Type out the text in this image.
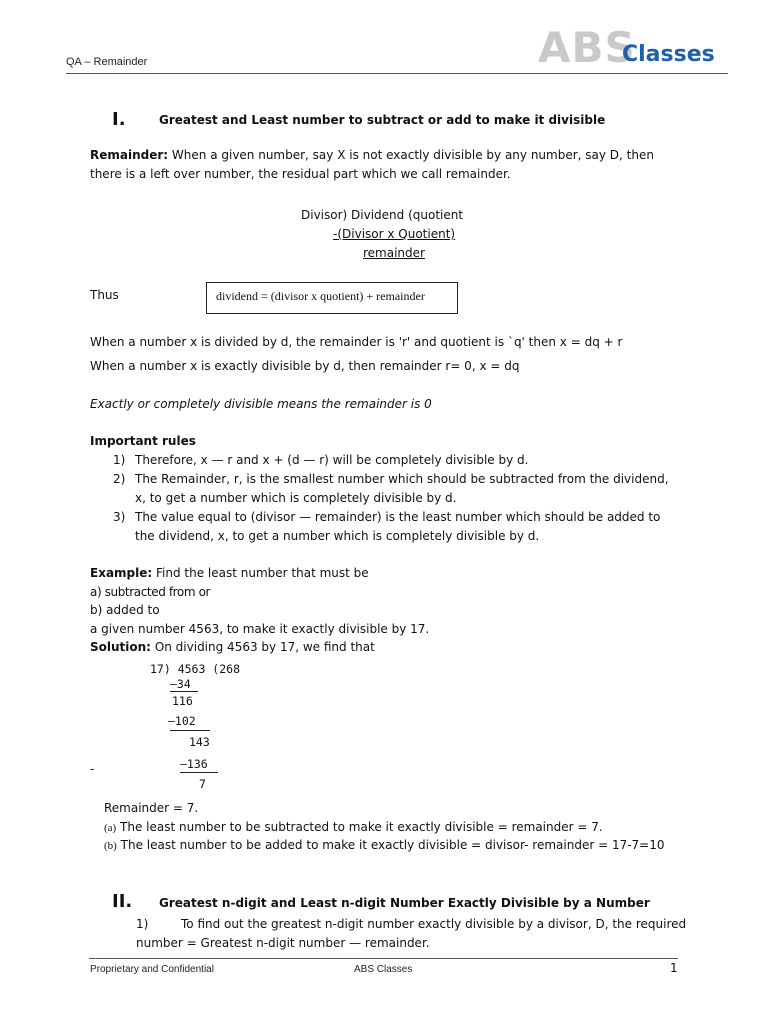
QA – Remainder	ABS
Classes
I.	Greatest and Least number to subtract or add to make it divisible
Remainder: When a given number, say X is not exactly divisible by any number, say D, then
there is a left over number, the residual part which we call remainder.
Divisor) Dividend (quotient
-(Divisor x Quotient)
remainder
Thus	dividend = (divisor x quotient) + remainder
When a number x is divided by d, the remainder is 'r' and quotient is `q' then x = dq + r
When a number x is exactly divisible by d, then remainder r= 0, x = dq
Exactly or completely divisible means the remainder is 0
Important rules
1) Therefore, x — r and x + (d — r) will be completely divisible by d.
2) The Remainder, r, is the smallest number which should be subtracted from the dividend,
x, to get a number which is completely divisible by d.
3) The value equal to (divisor — remainder) is the least number which should be added to
the dividend, x, to get a number which is completely divisible by d.
Example: Find the least number that must be
a) subtracted from or
b) added to
a given number 4563, to make it exactly divisible by 17.
Solution: On dividing 4563 by 17, we find that
17) 4563 (268
—34
116
—102
143
—136
7
-
Remainder = 7.
(a) The least number to be subtracted to make it exactly divisible = remainder = 7.
(b) The least number to be added to make it exactly divisible = divisor- remainder = 17-7=10
II. Greatest n-digit and Least n-digit Number Exactly Divisible by a Number
1)	To find out the greatest n-digit number exactly divisible by a divisor, D, the required
number = Greatest n-digit number — remainder.
Proprietary and Confidential	ABS Classes	1
